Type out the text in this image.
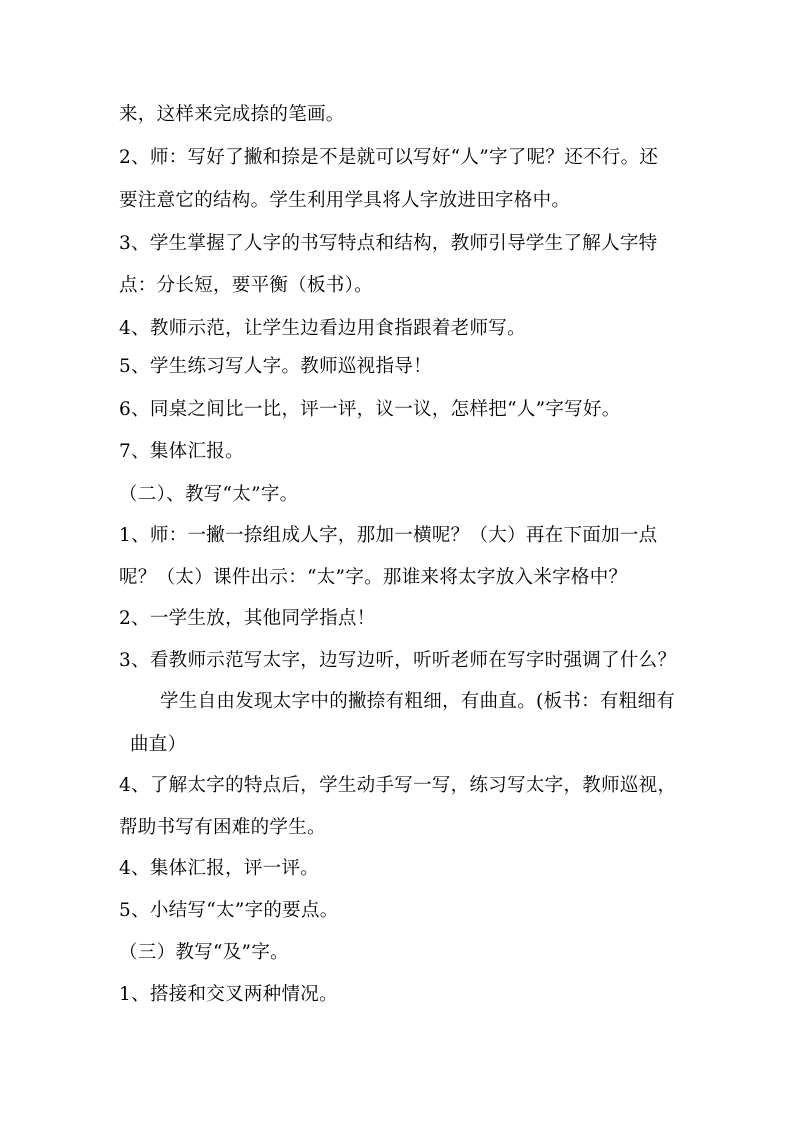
来，这样来完成捺的笔画。
2、师：写好了撇和捺是不是就可以写好“人”字了呢？还不行。还
要注意它的结构。学生利用学具将人字放进田字格中。
3、学生掌握了人字的书写特点和结构，教师引导学生了解人字特
点：分长短，要平衡（板书）。
4、教师示范，让学生边看边用食指跟着老师写。
5、学生练习写人字。教师巡视指导！
6、同桌之间比一比，评一评，议一议，怎样把“人”字写好。
7、集体汇报。
（二）、教写“太”字。
1、师：一撇一捺组成人字，那加一横呢？（大）再在下面加一点
呢？（太）课件出示：“太”字。那谁来将太字放入米字格中？
2、一学生放，其他同学指点！
3、看教师示范写太字，边写边听，听听老师在写字时强调了什么？
学生自由发现太字中的撇捺有粗细，有曲直。(板书：有粗细有
曲直）
4、了解太字的特点后，学生动手写一写，练习写太字，教师巡视，
帮助书写有困难的学生。
4、集体汇报，评一评。
5、小结写“太”字的要点。
（三）教写“及”字。
1、搭接和交叉两种情况。
